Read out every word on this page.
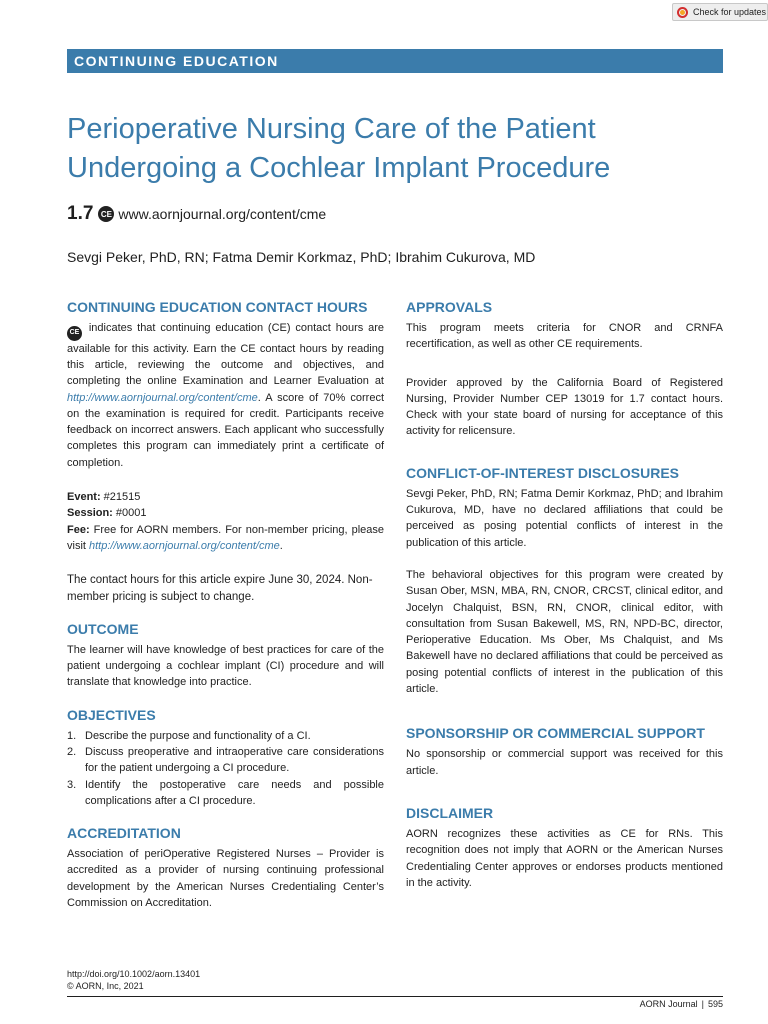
Check for updates
CONTINUING EDUCATION
Perioperative Nursing Care of the Patient Undergoing a Cochlear Implant Procedure
1.7 CE www.aornjournal.org/content/cme
Sevgi Peker, PhD, RN; Fatma Demir Korkmaz, PhD; Ibrahim Cukurova, MD
CONTINUING EDUCATION CONTACT HOURS

CE indicates that continuing education (CE) contact hours are available for this activity. Earn the CE contact hours by reading this article, reviewing the outcome and objectives, and completing the online Examination and Learner Evaluation at http://www.aornjournal.org/content/cme. A score of 70% correct on the examination is required for credit. Participants receive feedback on incorrect answers. Each applicant who successfully completes this program can immediately print a certificate of completion.

Event: #21515
Session: #0001

Fee: Free for AORN members. For non-member pricing, please visit http://www.aornjournal.org/content/cme.

The contact hours for this article expire June 30, 2024. Non-member pricing is subject to change.

OUTCOME

The learner will have knowledge of best practices for care of the patient undergoing a cochlear implant (CI) procedure and will translate that knowledge into practice.

OBJECTIVES
1. Describe the purpose and functionality of a CI.
2. Discuss preoperative and intraoperative care considerations for the patient undergoing a CI procedure.
3. Identify the postoperative care needs and possible complications after a CI procedure.
ACCREDITATION

Association of periOperative Registered Nurses – Provider is accredited as a provider of nursing continuing professional development by the American Nurses Credentialing Center’s Commission on Accreditation.

APPROVALS

This program meets criteria for CNOR and CRNFA recertification, as well as other CE requirements.

Provider approved by the California Board of Registered Nursing, Provider Number CEP 13019 for 1.7 contact hours. Check with your state board of nursing for acceptance of this activity for relicensure.

CONFLICT-OF-INTEREST DISCLOSURES

Sevgi Peker, PhD, RN; Fatma Demir Korkmaz, PhD; and Ibrahim Cukurova, MD, have no declared affiliations that could be perceived as posing potential conflicts of interest in the publication of this article.

The behavioral objectives for this program were created by Susan Ober, MSN, MBA, RN, CNOR, CRCST, clinical editor, and Jocelyn Chalquist, BSN, RN, CNOR, clinical editor, with consultation from Susan Bakewell, MS, RN, NPD-BC, director, Perioperative Education. Ms Ober, Ms Chalquist, and Ms Bakewell have no declared affiliations that could be perceived as posing potential conflicts of interest in the publication of this article.

SPONSORSHIP OR COMMERCIAL SUPPORT

No sponsorship or commercial support was received for this article.

DISCLAIMER

AORN recognizes these activities as CE for RNs. This recognition does not imply that AORN or the American Nurses Credentialing Center approves or endorses products mentioned in the activity.

http://doi.org/10.1002/aorn.13401
© AORN, Inc, 2021
AORN Journal | 595
